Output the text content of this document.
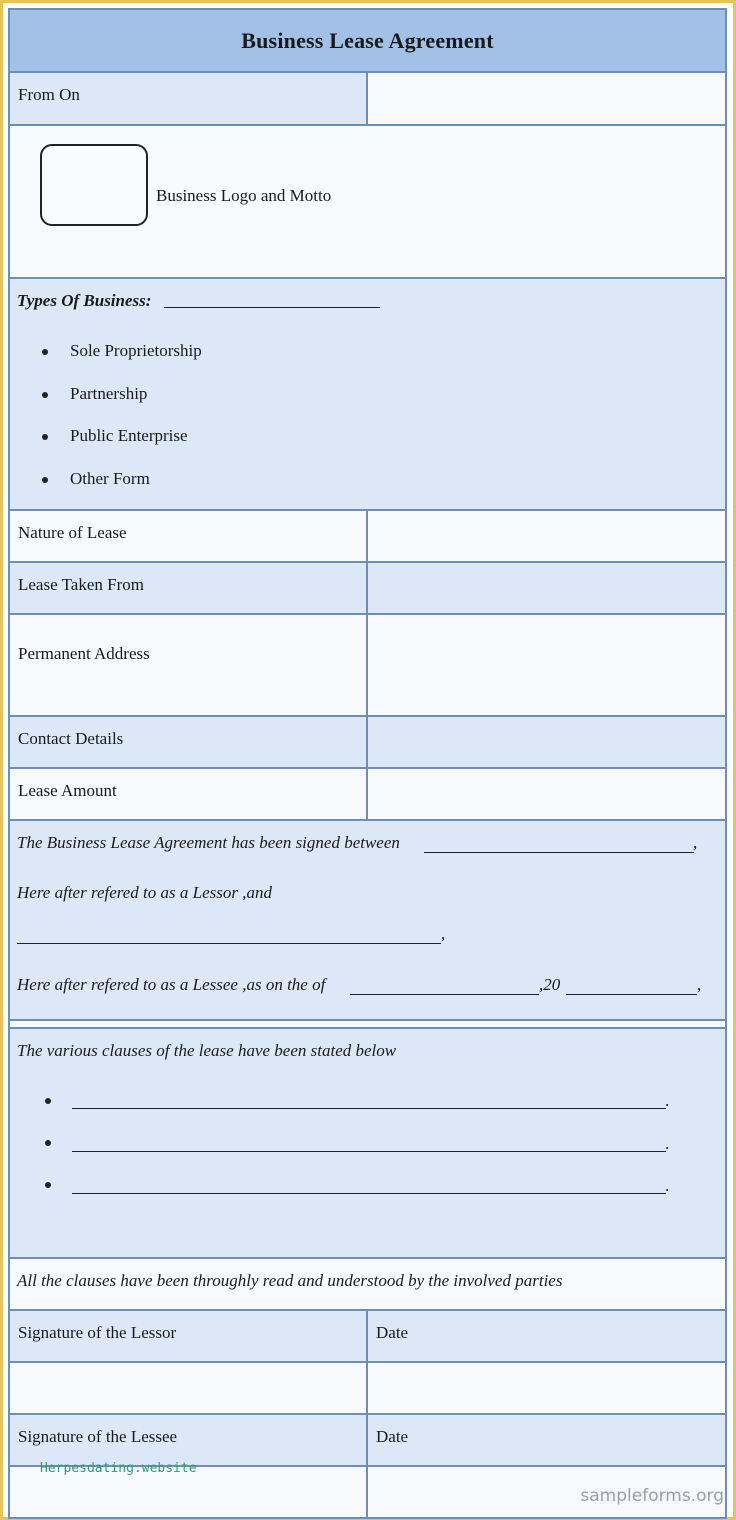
Business Lease Agreement
From On
Business Logo and Motto
Types Of Business:
Sole Proprietorship
Partnership
Public Enterprise
Other Form
Nature of Lease
Lease Taken From
Permanent Address
Contact Details
Lease Amount
The Business Lease Agreement has been signed between	,
Here after refered to as a Lessor ,and
,
Here after refered to as a Lessee ,as on the of	,20	,
The various clauses of the lease have been stated below
.
.
.
All the clauses have been throughly read and understood by the involved parties
Signature of the Lessor	Date
Signature of the Lessee	Date
Herpesdating.website
sampleforms.org
